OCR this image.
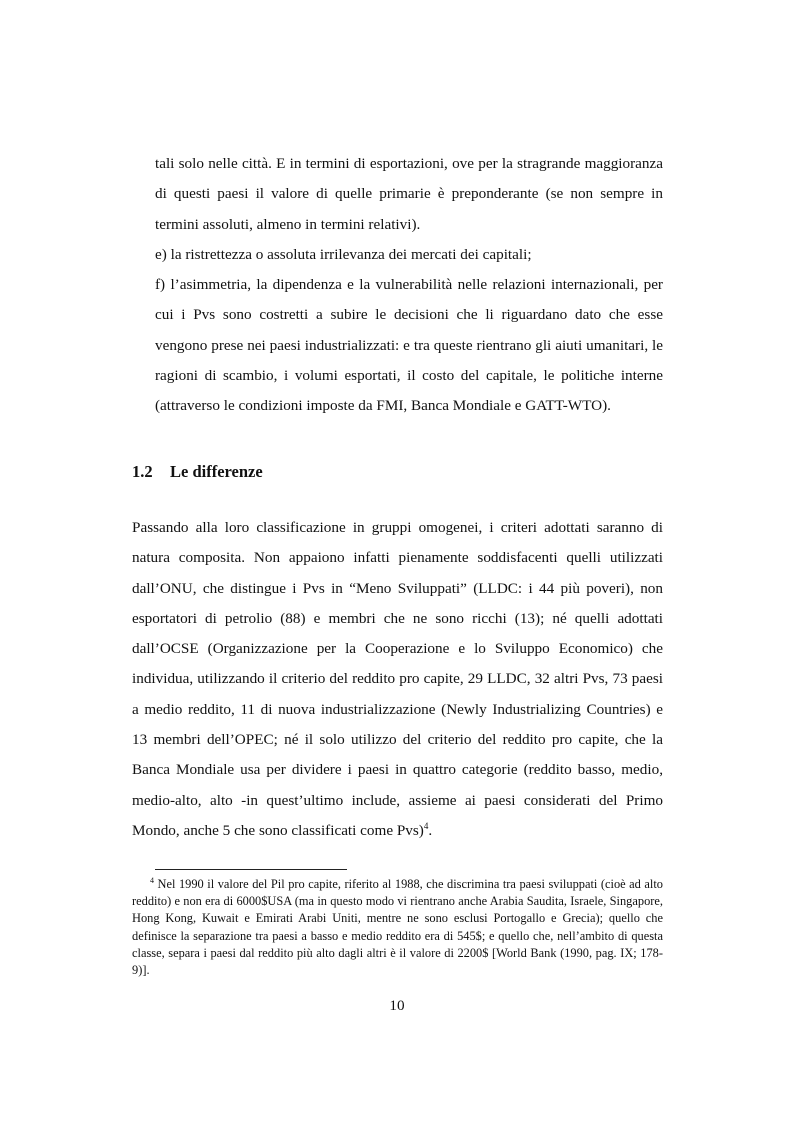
tali solo nelle città. E in termini di esportazioni, ove per la stragrande maggioranza di questi paesi il valore di quelle primarie è preponderante (se non sempre in termini assoluti, almeno in termini relativi).

e) la ristrettezza o assoluta irrilevanza dei mercati dei capitali;

f) l’asimmetria, la dipendenza e la vulnerabilità nelle relazioni internazionali, per cui i Pvs sono costretti a subire le decisioni che li riguardano dato che esse vengono prese nei paesi industrializzati: e tra queste rientrano gli aiuti umanitari, le ragioni di scambio, i volumi esportati, il costo del capitale, le politiche interne (attraverso le condizioni imposte da FMI, Banca Mondiale e GATT-WTO).

1.2 Le differenze

Passando alla loro classificazione in gruppi omogenei, i criteri adottati saranno di natura composita. Non appaiono infatti pienamente soddisfacenti quelli utilizzati dall’ONU, che distingue i Pvs in “Meno Sviluppati” (LLDC: i 44 più poveri), non esportatori di petrolio (88) e membri che ne sono ricchi (13); né quelli adottati dall’OCSE (Organizzazione per la Cooperazione e lo Sviluppo Economico) che individua, utilizzando il criterio del reddito pro capite, 29 LLDC, 32 altri Pvs, 73 paesi a medio reddito, 11 di nuova industrializzazione (Newly Industrializing Countries) e 13 membri dell’OPEC; né il solo utilizzo del criterio del reddito pro capite, che la Banca Mondiale usa per dividere i paesi in quattro categorie (reddito basso, medio, medio-alto, alto -in quest’ultimo include, assieme ai paesi considerati del Primo Mondo, anche 5 che sono classificati come Pvs)$^4$.

$^4$ Nel 1990 il valore del Pil pro capite, riferito al 1988, che discrimina tra paesi sviluppati (cioè ad alto reddito) e non era di 6000$USA (ma in questo modo vi rientrano anche Arabia Saudita, Israele, Singapore, Hong Kong, Kuwait e Emirati Arabi Uniti, mentre ne sono esclusi Portogallo e Grecia); quello che definisce la separazione tra paesi a basso e medio reddito era di 545$; e quello che, nell’ambito di questa classe, separa i paesi dal reddito più alto dagli altri è il valore di 2200$ [World Bank (1990, pag. IX; 178-9)].
10
